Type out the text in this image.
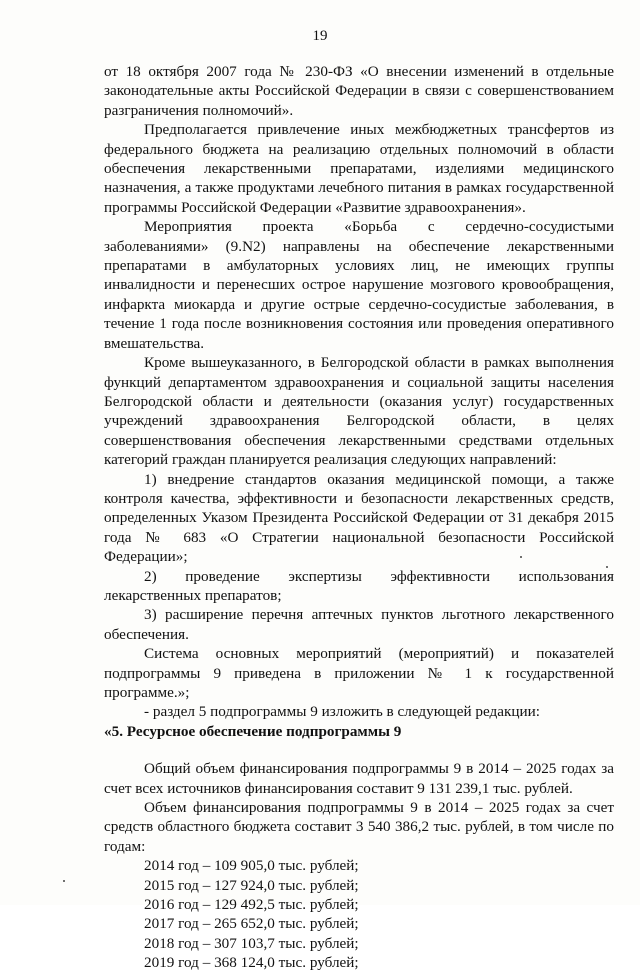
19

от 18 октября 2007 года № 230-ФЗ «О внесении изменений в отдельные законодательные акты Российской Федерации в связи с совершенствованием разграничения полномочий».

Предполагается привлечение иных межбюджетных трансфертов из федерального бюджета на реализацию отдельных полномочий в области обеспечения лекарственными препаратами, изделиями медицинского назначения, а также продуктами лечебного питания в рамках государственной программы Российской Федерации «Развитие здравоохранения».

Мероприятия проекта «Борьба с сердечно-сосудистыми заболеваниями» (9.N2) направлены на обеспечение лекарственными препаратами в амбулаторных условиях лиц, не имеющих группы инвалидности и перенесших острое нарушение мозгового кровообращения, инфаркта миокарда и другие острые сердечно-сосудистые заболевания, в течение 1 года после возникновения состояния или проведения оперативного вмешательства.

Кроме вышеуказанного, в Белгородской области в рамках выполнения функций департаментом здравоохранения и социальной защиты населения Белгородской области и деятельности (оказания услуг) государственных учреждений здравоохранения Белгородской области, в целях совершенствования обеспечения лекарственными средствами отдельных категорий граждан планируется реализация следующих направлений:

1) внедрение стандартов оказания медицинской помощи, а также контроля качества, эффективности и безопасности лекарственных средств, определенных Указом Президента Российской Федерации от 31 декабря 2015 года № 683 «О Стратегии национальной безопасности Российской Федерации»;

2) проведение экспертизы эффективности использования лекарственных препаратов;

3) расширение перечня аптечных пунктов льготного лекарственного обеспечения.

Система основных мероприятий (мероприятий) и показателей подпрограммы 9 приведена в приложении № 1 к государственной программе.»;

- раздел 5 подпрограммы 9 изложить в следующей редакции:

«5. Ресурсное обеспечение подпрограммы 9

Общий объем финансирования подпрограммы 9 в 2014 – 2025 годах за счет всех источников финансирования составит 9 131 239,1 тыс. рублей.

Объем финансирования подпрограммы 9 в 2014 – 2025 годах за счет средств областного бюджета составит 3 540 386,2 тыс. рублей, в том числе по годам:

2014 год – 109 905,0 тыс. рублей;

2015 год – 127 924,0 тыс. рублей;

2016 год – 129 492,5 тыс. рублей;

2017 год – 265 652,0 тыс. рублей;

2018 год – 307 103,7 тыс. рублей;

2019 год – 368 124,0 тыс. рублей;
